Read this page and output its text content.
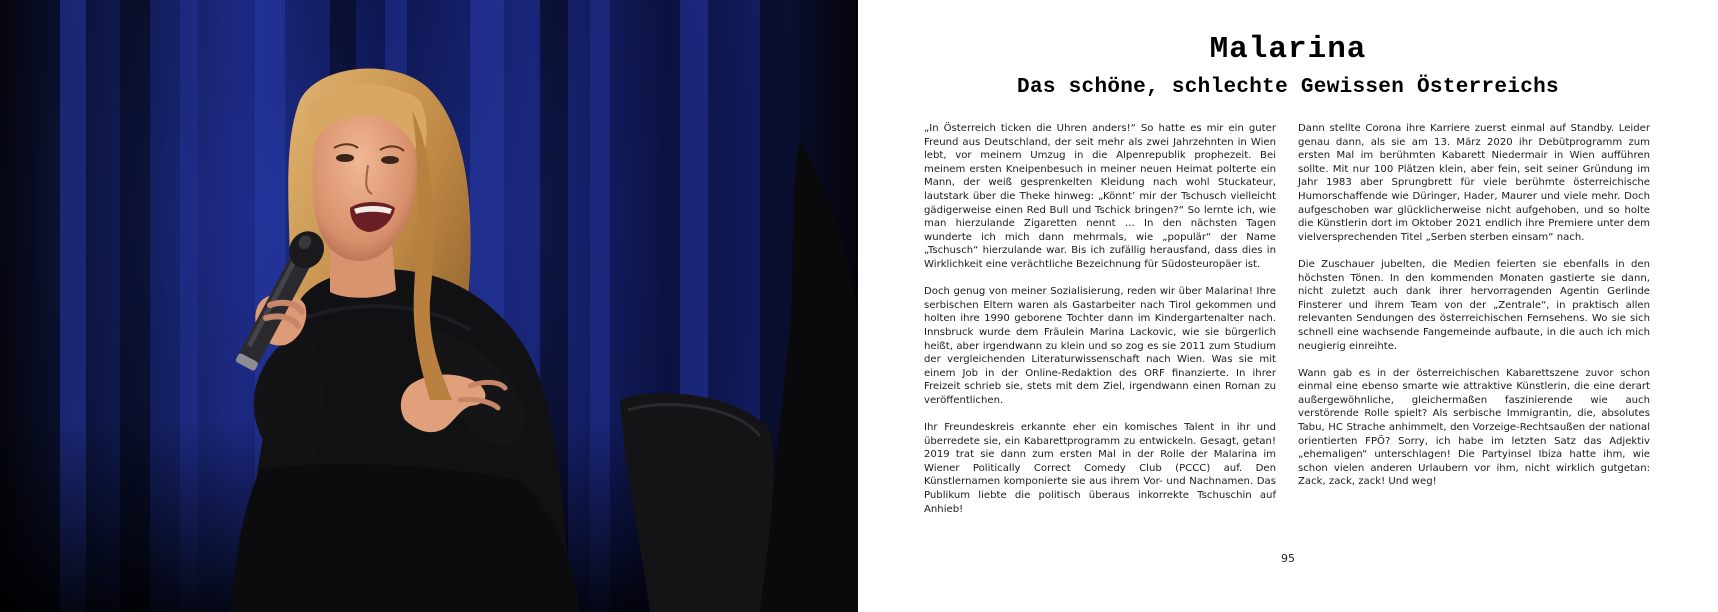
Malarina
Das schöne, schlechte Gewissen Österreichs

„In Österreich ticken die Uhren anders!“ So hatte es mir ein guter Freund aus Deutschland, der seit mehr als zwei Jahrzehnten in Wien lebt, vor meinem Umzug in die Alpenrepublik prophezeit. Bei meinem ersten Kneipenbesuch in meiner neuen Heimat polterte ein Mann, der weiß gesprenkelten Kleidung nach wohl Stuckateur, lautstark über die Theke hinweg: „Könnt’ mir der Tschusch vielleicht gädigerweise einen Red Bull und Tschick bringen?“ So lernte ich, wie man hierzulande Zigaretten nennt … In den nächsten Tagen wunderte ich mich dann mehrmals, wie „populär“ der Name „Tschusch“ hierzulande war. Bis ich zufällig herausfand, dass dies in Wirklichkeit eine verächtliche Bezeichnung für Südosteuropäer ist.

Doch genug von meiner Sozialisierung, reden wir über Malarina! Ihre serbischen Eltern waren als Gastarbeiter nach Tirol gekommen und holten ihre 1990 geborene Tochter dann im Kindergartenalter nach. Innsbruck wurde dem Fräulein Marina Lackovic, wie sie bürgerlich heißt, aber irgendwann zu klein und so zog es sie 2011 zum Studium der vergleichenden Literaturwissenschaft nach Wien. Was sie mit einem Job in der Online-Redaktion des ORF finanzierte. In ihrer Freizeit schrieb sie, stets mit dem Ziel, irgendwann einen Roman zu veröffentlichen.

Ihr Freundeskreis erkannte eher ein komisches Talent in ihr und überredete sie, ein Kabarettprogramm zu entwickeln. Gesagt, getan! 2019 trat sie dann zum ersten Mal in der Rolle der Malarina im Wiener Politically Correct Comedy Club (PCCC) auf. Den Künstlernamen komponierte sie aus ihrem Vor- und Nachnamen. Das Publikum liebte die politisch überaus inkorrekte Tschuschin auf Anhieb!

Dann stellte Corona ihre Karriere zuerst einmal auf Standby. Leider genau dann, als sie am 13. März 2020 ihr Debütprogramm zum ersten Mal im berühmten Kabarett Niedermair in Wien aufführen sollte. Mit nur 100 Plätzen klein, aber fein, seit seiner Gründung im Jahr 1983 aber Sprungbrett für viele berühmte österreichische Humorschaffende wie Düringer, Hader, Maurer und viele mehr. Doch aufgeschoben war glücklicherweise nicht aufgehoben, und so holte die Künstlerin dort im Oktober 2021 endlich ihre Premiere unter dem vielversprechenden Titel „Serben sterben einsam“ nach.

Die Zuschauer jubelten, die Medien feierten sie ebenfalls in den höchsten Tönen. In den kommenden Monaten gastierte sie dann, nicht zuletzt auch dank ihrer hervorragenden Agentin Gerlinde Finsterer und ihrem Team von der „Zentrale“, in praktisch allen relevanten Sendungen des österreichischen Fernsehens. Wo sie sich schnell eine wachsende Fangemeinde aufbaute, in die auch ich mich neugierig einreihte.

Wann gab es in der österreichischen Kabarettszene zuvor schon einmal eine ebenso smarte wie attraktive Künstlerin, die eine derart außergewöhnliche, gleichermaßen faszinierende wie auch verstörende Rolle spielt? Als serbische Immigrantin, die, absolutes Tabu, HC Strache anhimmelt, den Vorzeige-Rechtsaußen der national orientierten FPÖ? Sorry, ich habe im letzten Satz das Adjektiv „ehemaligen“ unterschlagen! Die Partyinsel Ibiza hatte ihm, wie schon vielen anderen Urlaubern vor ihm, nicht wirklich gutgetan: Zack, zack, zack! Und weg!

95
